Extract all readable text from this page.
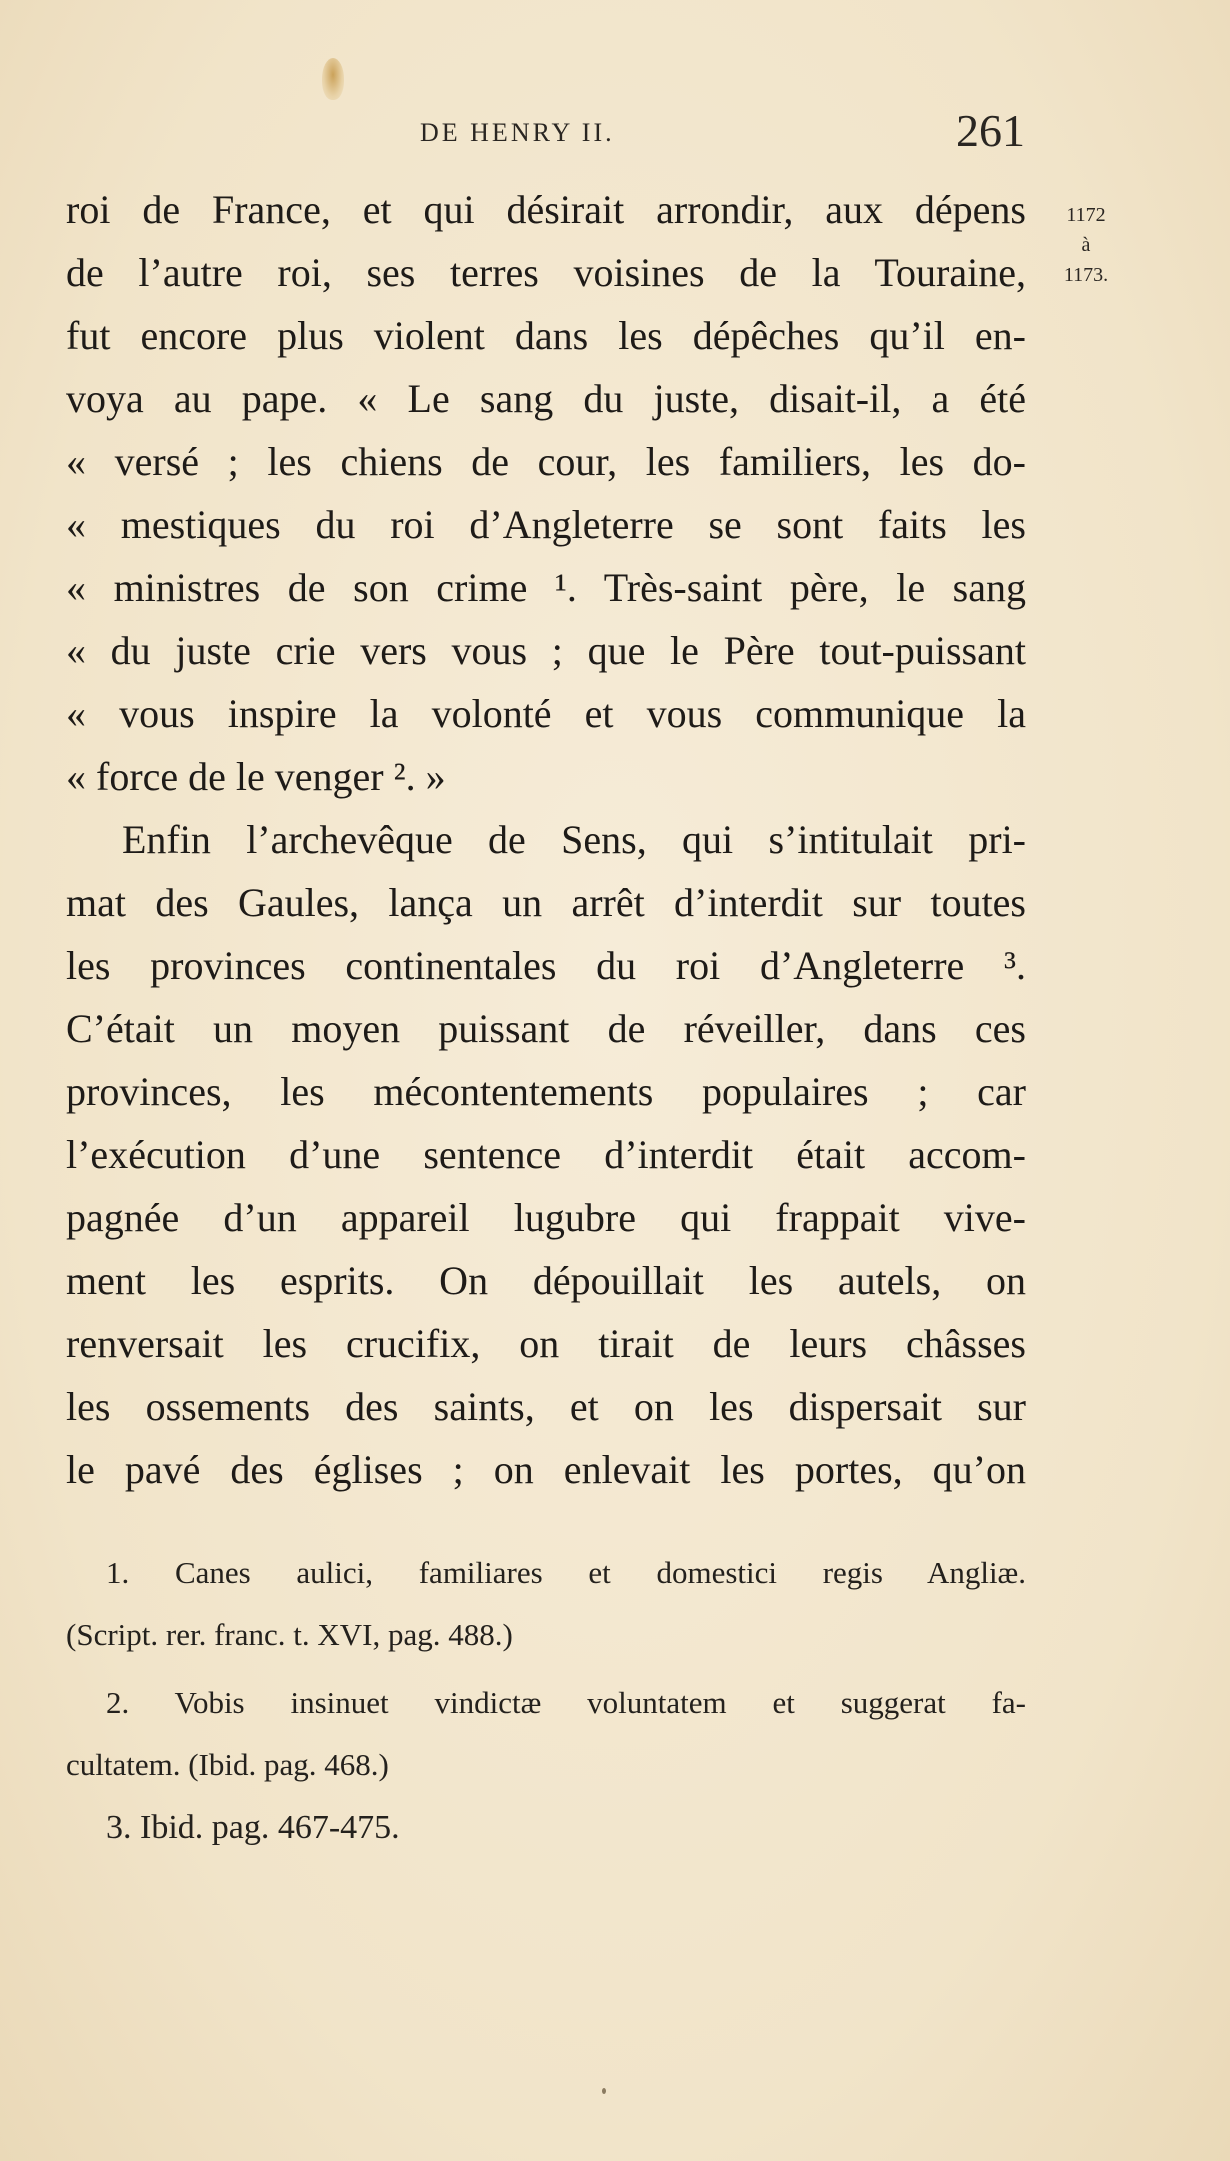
DE HENRY II.	261
1172
à
1173.
roi de France, et qui désirait arrondir, aux dépens
de l’autre roi, ses terres voisines de la Touraine,
fut encore plus violent dans les dépêches qu’il en-
voya au pape. « Le sang du juste, disait-il, a été
« versé ; les chiens de cour, les familiers, les do-
« mestiques du roi d’Angleterre se sont faits les
« ministres de son crime ¹. Très-saint père, le sang
« du juste crie vers vous ; que le Père tout-puissant
« vous inspire la volonté et vous communique la
« force de le venger ². »
Enfin l’archevêque de Sens, qui s’intitulait pri-
mat des Gaules, lança un arrêt d’interdit sur toutes
les provinces continentales du roi d’Angleterre ³.
C’était un moyen puissant de réveiller, dans ces
provinces, les mécontentements populaires ; car
l’exécution d’une sentence d’interdit était accom-
pagnée d’un appareil lugubre qui frappait vive-
ment les esprits. On dépouillait les autels, on
renversait les crucifix, on tirait de leurs châsses
les ossements des saints, et on les dispersait sur
le pavé des églises ; on enlevait les portes, qu’on
1. Canes aulici, familiares et domestici regis Angliæ.
(Script. rer. franc. t. XVI, pag. 488.)
2. Vobis insinuet vindictæ voluntatem et suggerat fa-
cultatem. (Ibid. pag. 468.)
3. Ibid. pag. 467-475.
